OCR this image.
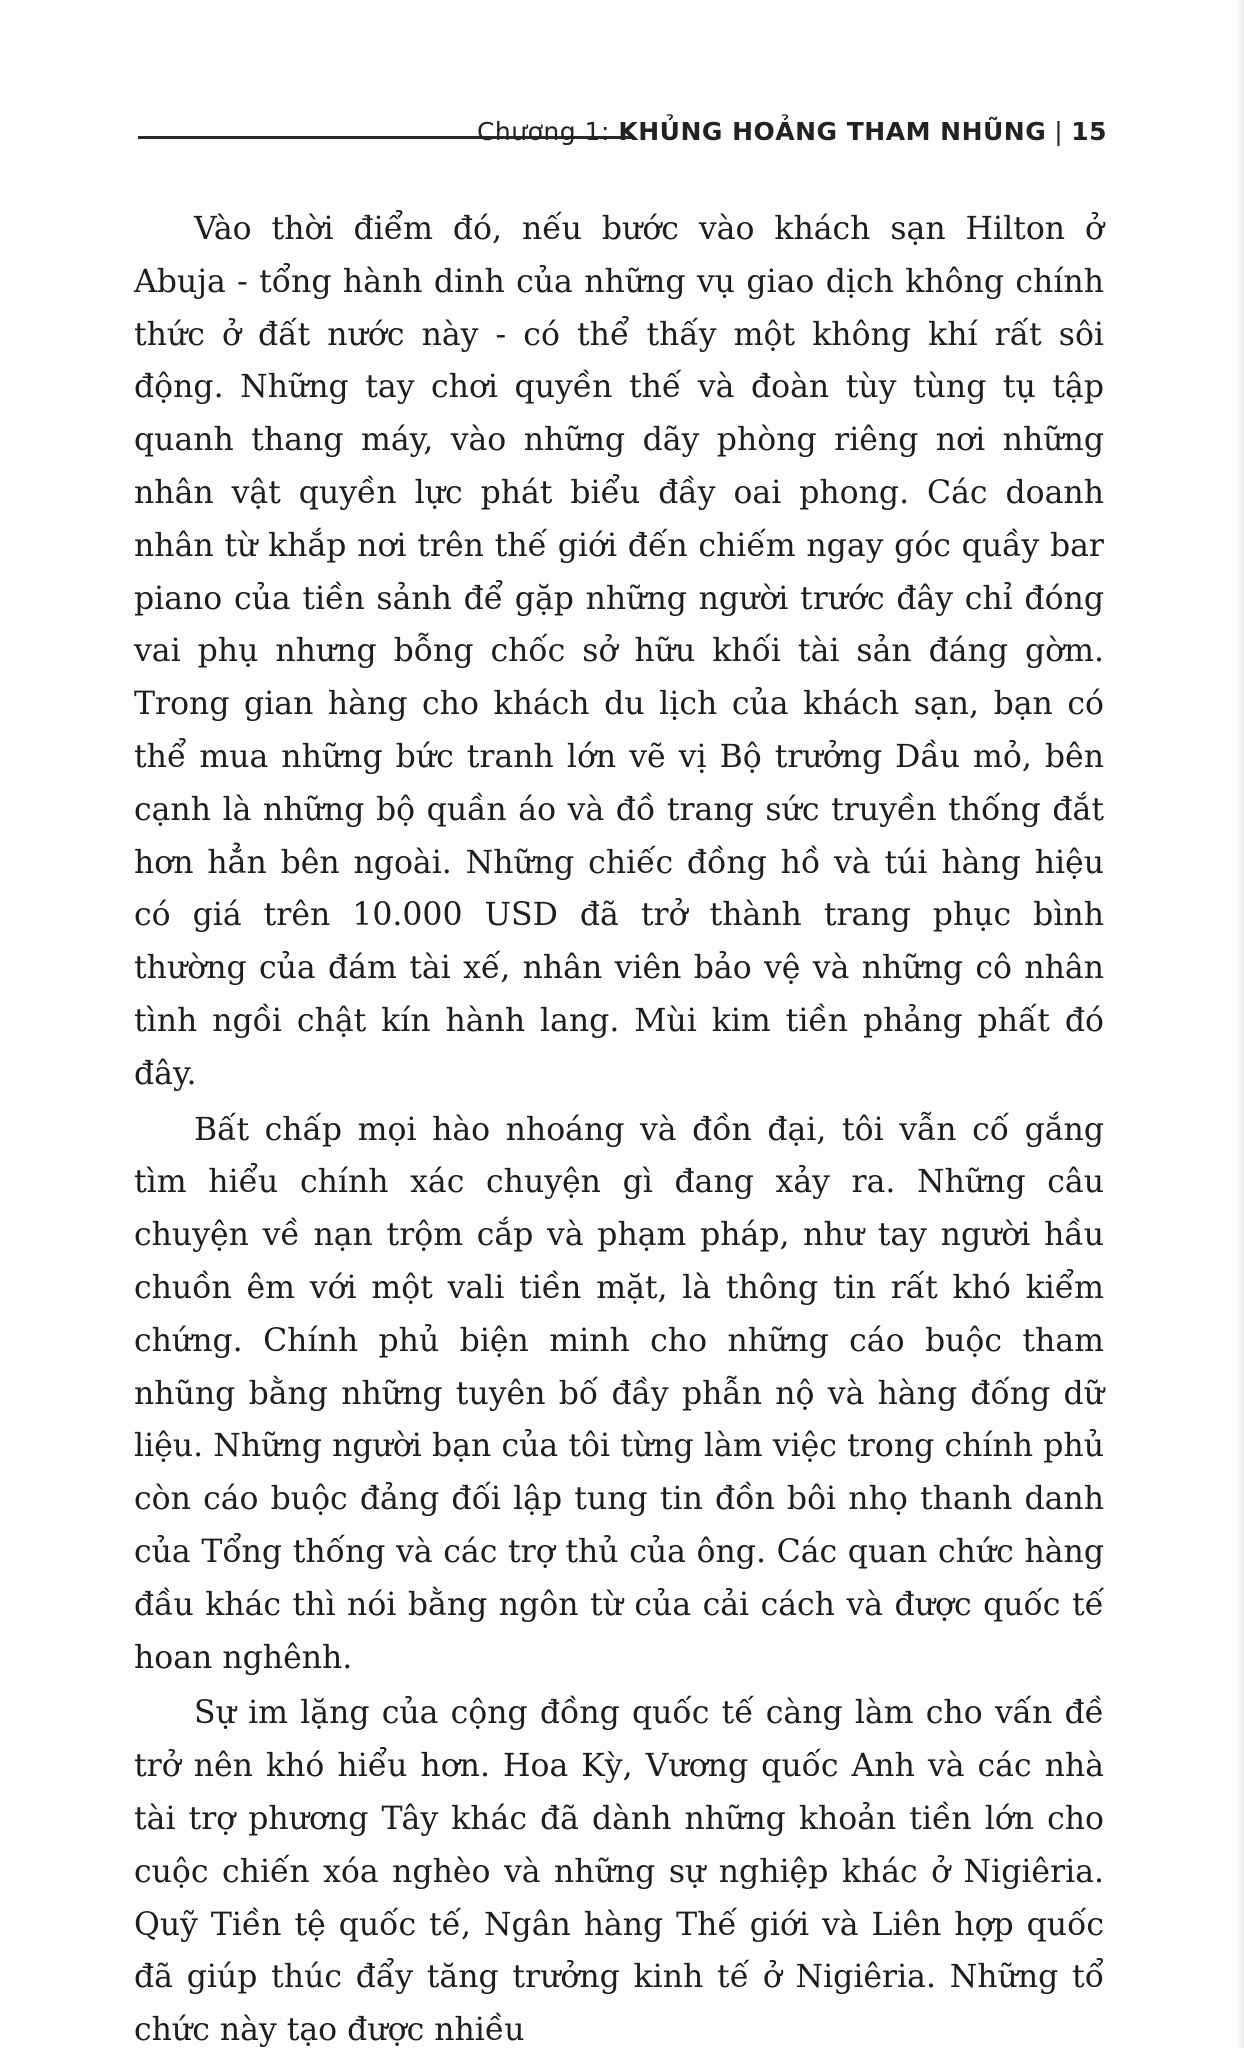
Chương 1: KHỦNG HOẢNG THAM NHŨNG | 15

Vào thời điểm đó, nếu bước vào khách sạn Hilton ở Abuja - tổng hành dinh của những vụ giao dịch không chính thức ở đất nước này - có thể thấy một không khí rất sôi động. Những tay chơi quyền thế và đoàn tùy tùng tụ tập quanh thang máy, vào những dãy phòng riêng nơi những nhân vật quyền lực phát biểu đầy oai phong. Các doanh nhân từ khắp nơi trên thế giới đến chiếm ngay góc quầy bar piano của tiền sảnh để gặp những người trước đây chỉ đóng vai phụ nhưng bỗng chốc sở hữu khối tài sản đáng gờm. Trong gian hàng cho khách du lịch của khách sạn, bạn có thể mua những bức tranh lớn vẽ vị Bộ trưởng Dầu mỏ, bên cạnh là những bộ quần áo và đồ trang sức truyền thống đắt hơn hẳn bên ngoài. Những chiếc đồng hồ và túi hàng hiệu có giá trên 10.000 USD đã trở thành trang phục bình thường của đám tài xế, nhân viên bảo vệ và những cô nhân tình ngồi chật kín hành lang. Mùi kim tiền phảng phất đó đây.

Bất chấp mọi hào nhoáng và đồn đại, tôi vẫn cố gắng tìm hiểu chính xác chuyện gì đang xảy ra. Những câu chuyện về nạn trộm cắp và phạm pháp, như tay người hầu chuồn êm với một vali tiền mặt, là thông tin rất khó kiểm chứng. Chính phủ biện minh cho những cáo buộc tham nhũng bằng những tuyên bố đầy phẫn nộ và hàng đống dữ liệu. Những người bạn của tôi từng làm việc trong chính phủ còn cáo buộc đảng đối lập tung tin đồn bôi nhọ thanh danh của Tổng thống và các trợ thủ của ông. Các quan chức hàng đầu khác thì nói bằng ngôn từ của cải cách và được quốc tế hoan nghênh.

Sự im lặng của cộng đồng quốc tế càng làm cho vấn đề trở nên khó hiểu hơn. Hoa Kỳ, Vương quốc Anh và các nhà tài trợ phương Tây khác đã dành những khoản tiền lớn cho cuộc chiến xóa nghèo và những sự nghiệp khác ở Nigiêria. Quỹ Tiền tệ quốc tế, Ngân hàng Thế giới và Liên hợp quốc đã giúp thúc đẩy tăng trưởng kinh tế ở Nigiêria. Những tổ chức này tạo được nhiều
